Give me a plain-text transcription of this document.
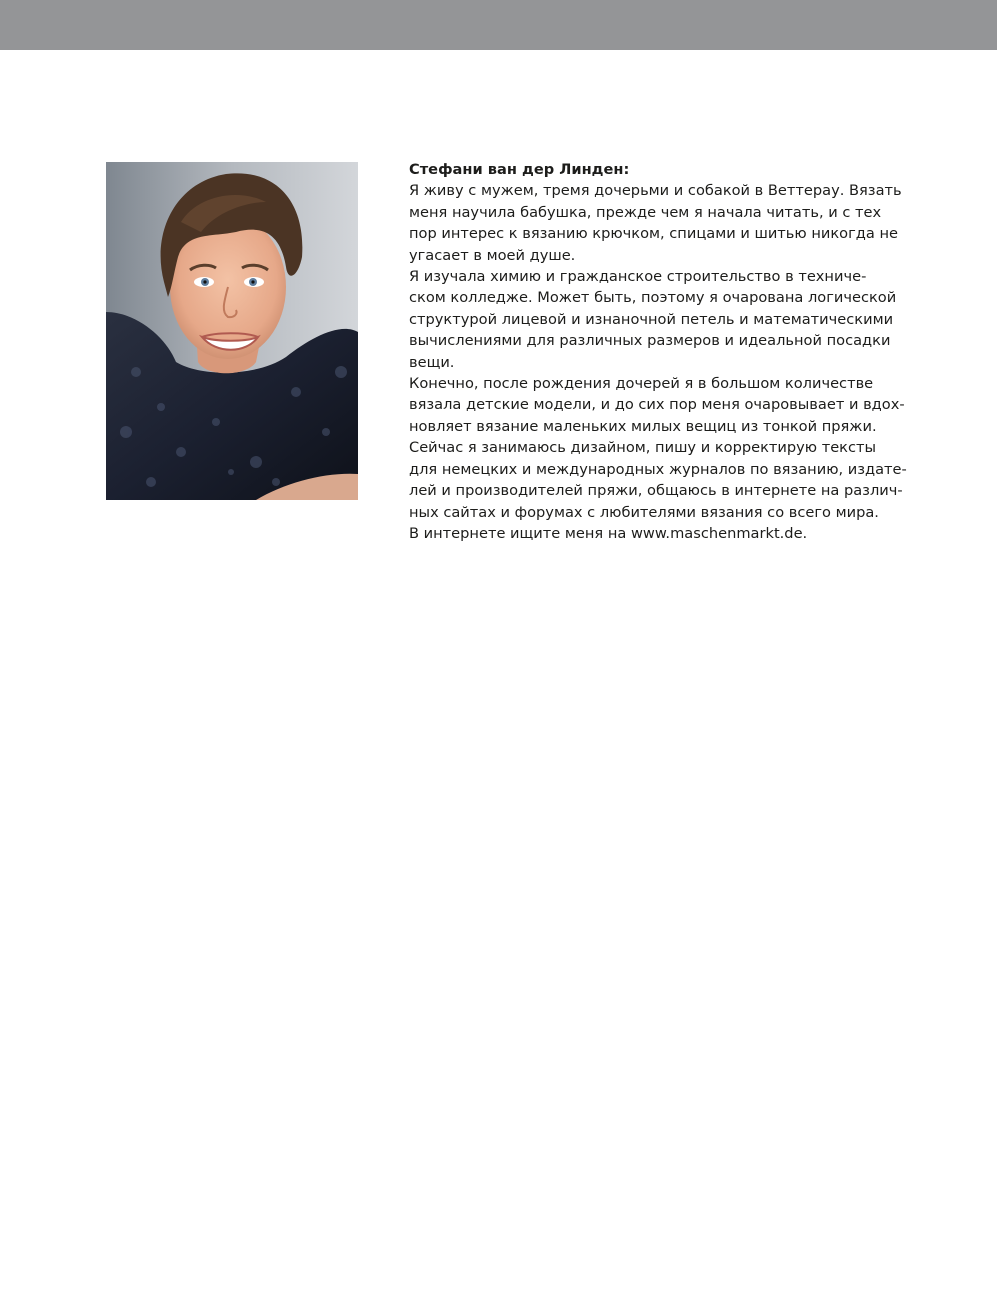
Стефани ван дер Линден:
Я живу с мужем, тремя дочерьми и собакой в Веттерау. Вязать
меня научила бабушка, прежде чем я начала читать, и с тех
пор интерес к вязанию крючком, спицами и шитью никогда не
угасает в моей душе.
Я изучала химию и гражданское строительство в техниче-
ском колледже. Может быть, поэтому я очарована логической
структурой лицевой и изнаночной петель и математическими
вычислениями для различных размеров и идеальной посадки
вещи.
Конечно, после рождения дочерей я в большом количестве
вязала детские модели, и до сих пор меня очаровывает и вдох-
новляет вязание маленьких милых вещиц из тонкой пряжи.
Сейчас я занимаюсь дизайном, пишу и корректирую тексты
для немецких и международных журналов по вязанию, издате-
лей и производителей пряжи, общаюсь в интернете на различ-
ных сайтах и форумах с любителями вязания со всего мира.
В интернете ищите меня на www.maschenmarkt.de.
